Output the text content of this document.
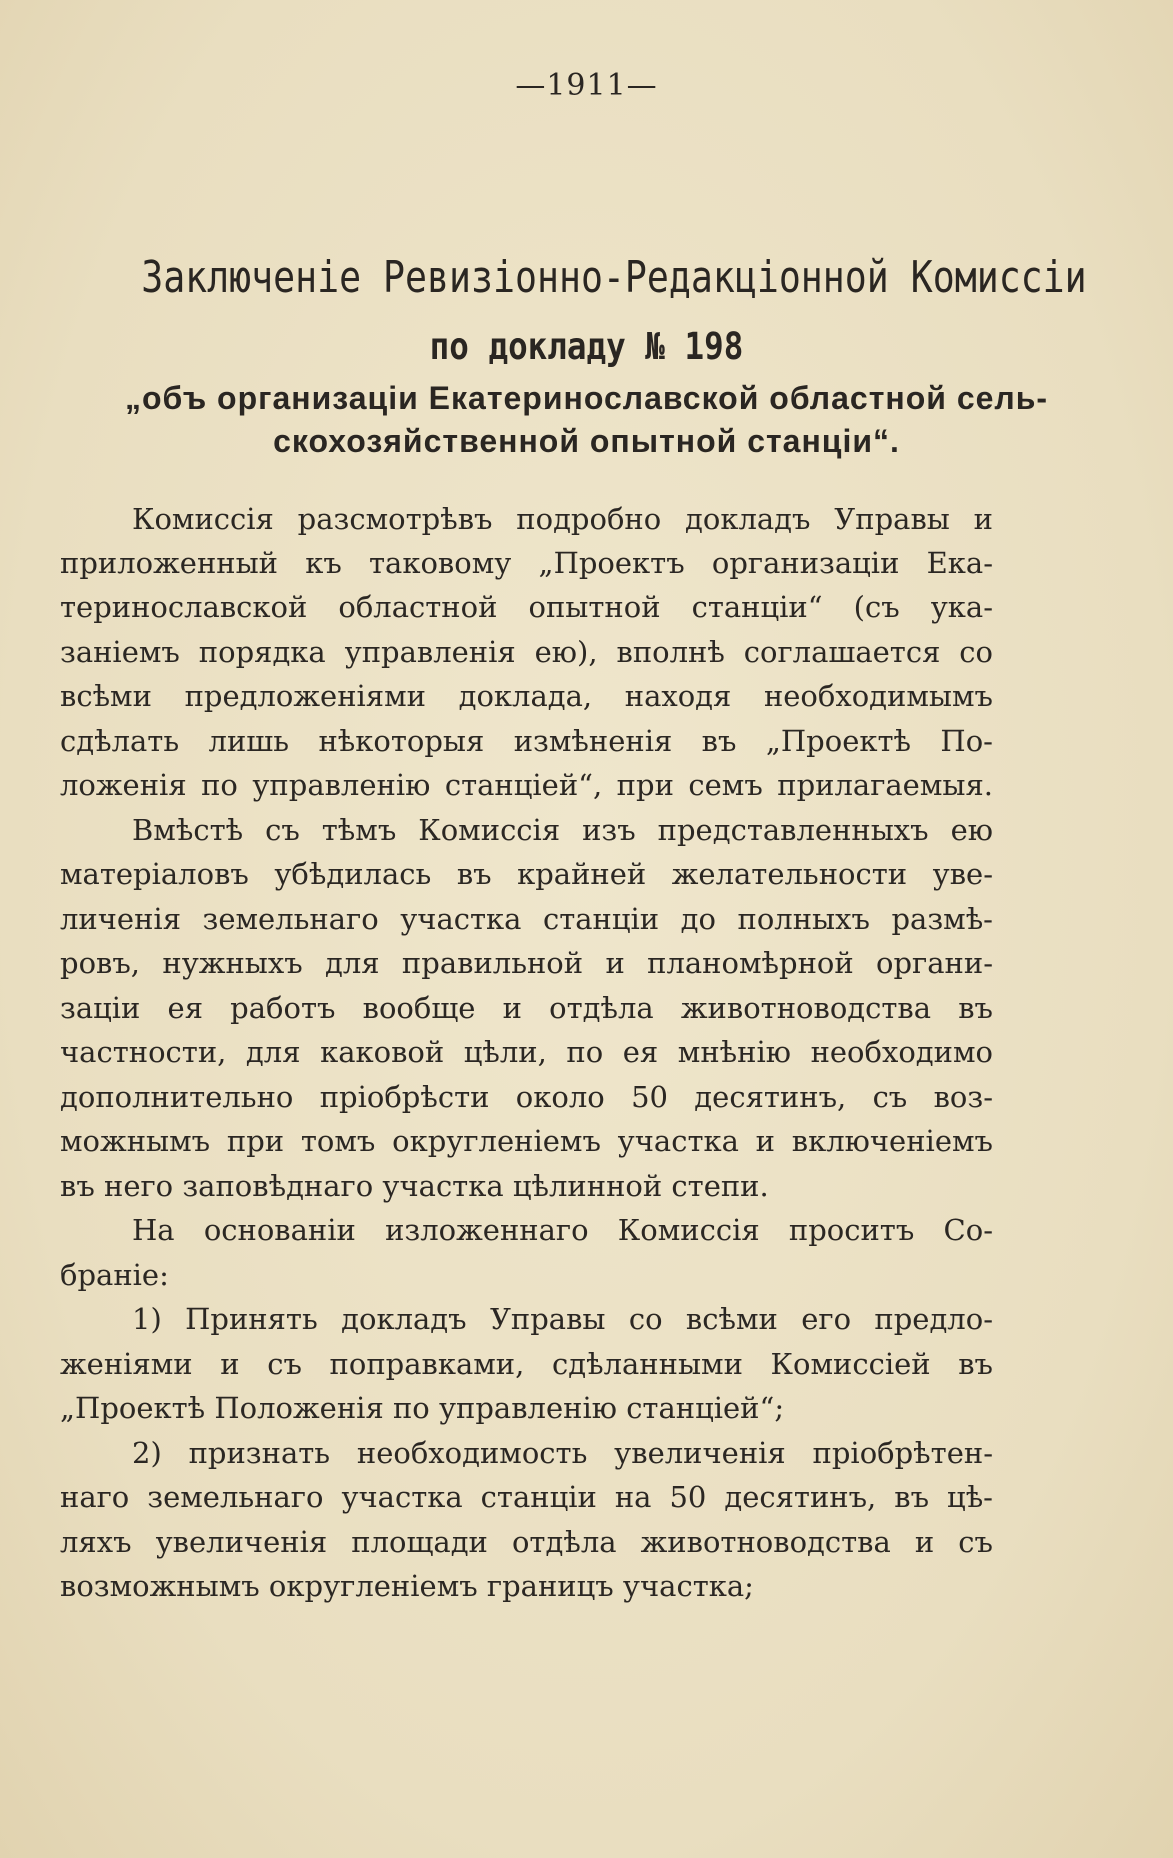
—1911—
Заключеніе Ревизіонно-Редакціонной Комиссіи
по докладу № 198
„объ организаціи Екатеринославской областной сель-
скохозяйственной опытной станціи“.
Комиссія разсмотрѣвъ подробно докладъ Управы и
приложенный къ таковому „Проектъ организаціи Ека-
теринославской областной опытной станціи“ (съ ука-
заніемъ порядка управленія ею), вполнѣ соглашается со
всѣми предложеніями доклада, находя необходимымъ
сдѣлать лишь нѣкоторыя измѣненія въ „Проектѣ По-
ложенія по управленію станціей“, при семъ прилагаемыя.
Вмѣстѣ съ тѣмъ Комиссія изъ представленныхъ ею
матеріаловъ убѣдилась въ крайней желательности уве-
личенія земельнаго участка станціи до полныхъ размѣ-
ровъ, нужныхъ для правильной и планомѣрной органи-
заціи ея работъ вообще и отдѣла животноводства въ
частности, для каковой цѣли, по ея мнѣнію необходимо
дополнительно пріобрѣсти около 50 десятинъ, съ воз-
можнымъ при томъ округленіемъ участка и включеніемъ
въ него заповѣднаго участка цѣлинной степи.
На основаніи изложеннаго Комиссія проситъ Со-
браніе:
1) Принять докладъ Управы со всѣми его предло-
женіями и съ поправками, сдѣланными Комиссіей въ
„Проектѣ Положенія по управленію станціей“;
2) признать необходимость увеличенія пріобрѣтен-
наго земельнаго участка станціи на 50 десятинъ, въ цѣ-
ляхъ увеличенія площади отдѣла животноводства и съ
возможнымъ округленіемъ границъ участка;
